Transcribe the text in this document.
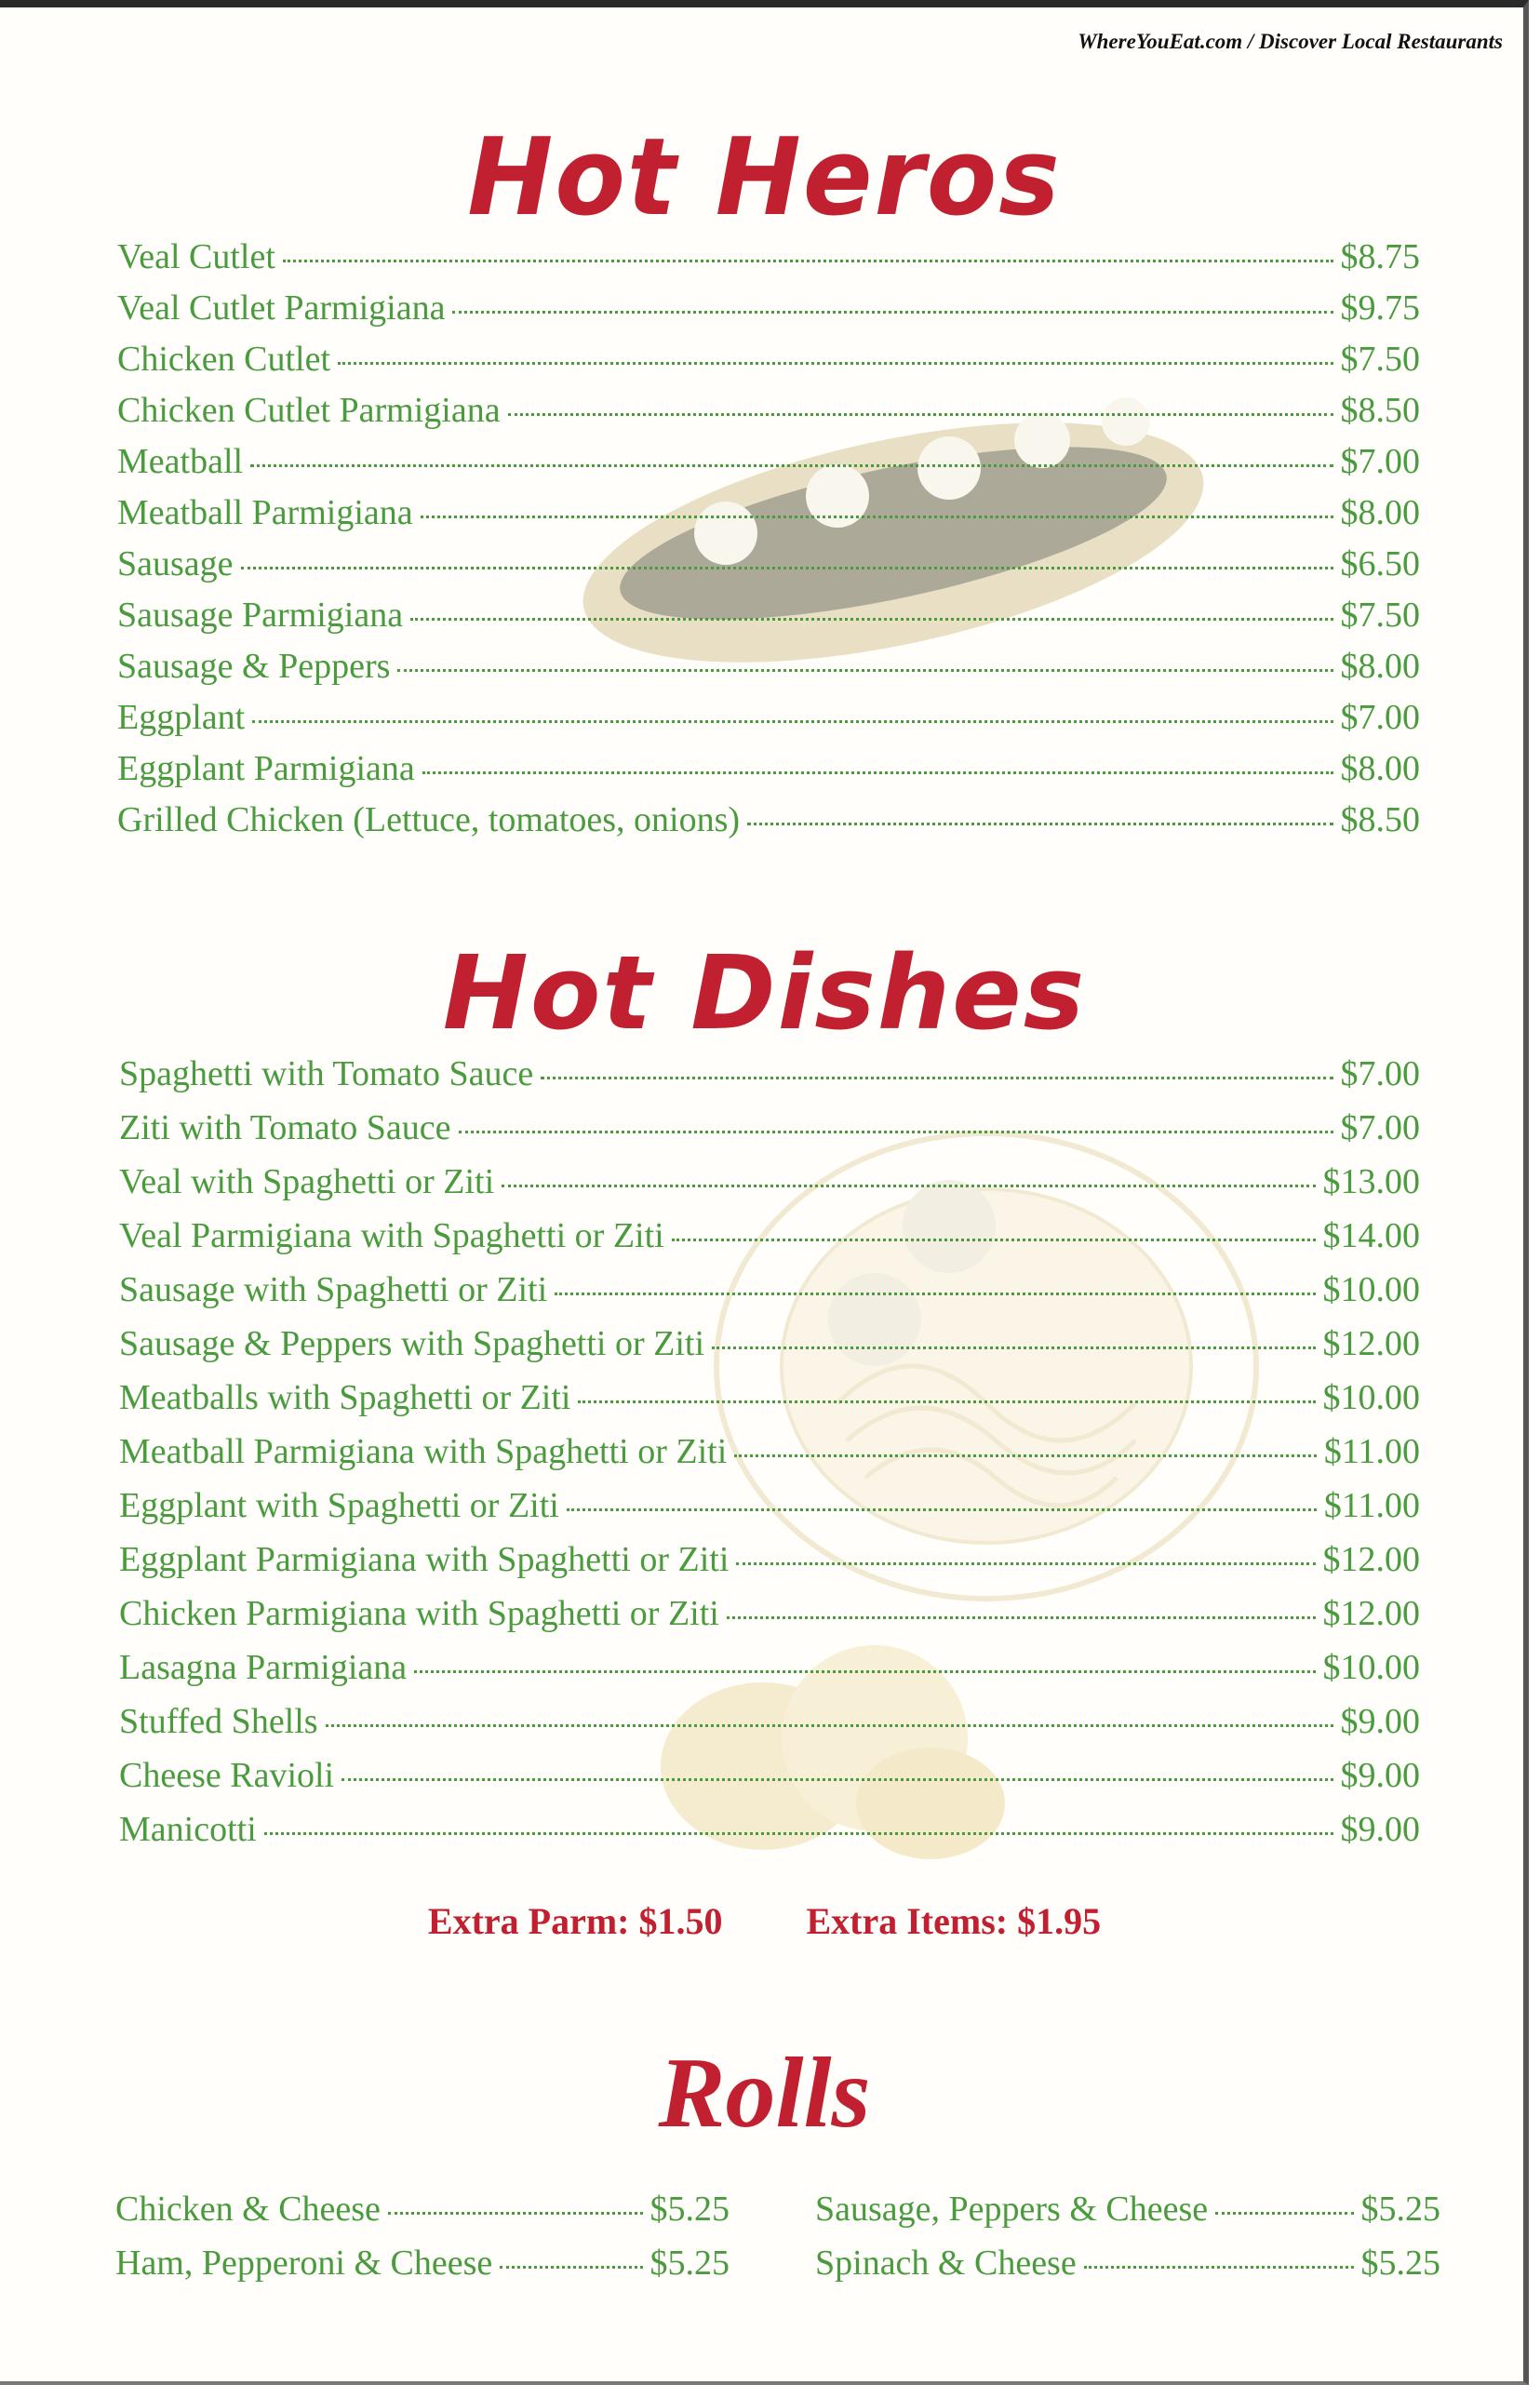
WhereYouEat.com / Discover Local Restaurants
Hot Heros
Veal Cutlet	$8.75
Veal Cutlet Parmigiana	$9.75
Chicken Cutlet	$7.50
Chicken Cutlet Parmigiana	$8.50
Meatball	$7.00
Meatball Parmigiana	$8.00
Sausage	$6.50
Sausage Parmigiana	$7.50
Sausage & Peppers	$8.00
Eggplant	$7.00
Eggplant Parmigiana	$8.00
Grilled Chicken (Lettuce, tomatoes, onions)	$8.50
Hot Dishes
Spaghetti with Tomato Sauce	$7.00
Ziti with Tomato Sauce	$7.00
Veal with Spaghetti or Ziti	$13.00
Veal Parmigiana with Spaghetti or Ziti	$14.00
Sausage with Spaghetti or Ziti	$10.00
Sausage & Peppers with Spaghetti or Ziti	$12.00
Meatballs with Spaghetti or Ziti	$10.00
Meatball Parmigiana with Spaghetti or Ziti	$11.00
Eggplant with Spaghetti or Ziti	$11.00
Eggplant Parmigiana with Spaghetti or Ziti	$12.00
Chicken Parmigiana with Spaghetti or Ziti	$12.00
Lasagna Parmigiana	$10.00
Stuffed Shells	$9.00
Cheese Ravioli	$9.00
Manicotti	$9.00
Extra Parm: $1.50 Extra Items: $1.95
Rolls
Chicken & Cheese	$5.25
Ham, Pepperoni & Cheese	$5.25
Sausage, Peppers & Cheese	$5.25
Spinach & Cheese	$5.25
